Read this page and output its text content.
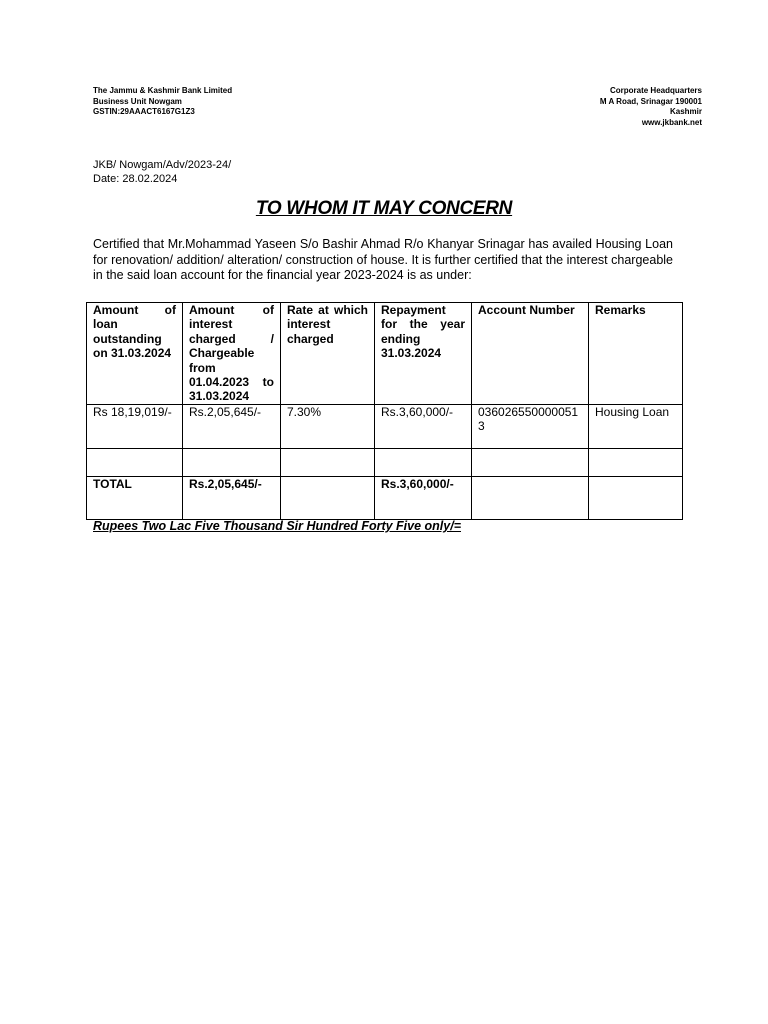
The Jammu & Kashmir Bank Limited
Business Unit Nowgam
GSTIN:29AAACT6167G1Z3
Corporate Headquarters
M A Road, Srinagar 190001
Kashmir
www.jkbank.net
JKB/ Nowgam/Adv/2023-24/
Date: 28.02.2024
TO WHOM IT MAY CONCERN
Certified that Mr.Mohammad Yaseen S/o Bashir Ahmad R/o Khanyar Srinagar has availed Housing Loan for renovation/ addition/ alteration/ construction of house. It is further certified that the interest chargeable in the said loan account for the financial year 2023-2024 is as under:
Amount of loan outstanding on 31.03.2024	Amount of interest charged / Chargeable from 01.04.2023 to 31.03.2024	Rate at which interest charged	Repayment for the year ending 31.03.2024	Account Number	Remarks
Rs 18,19,019/-	Rs.2,05,645/-	7.30%	Rs.3,60,000/-	0360265500000513	Housing Loan

TOTAL	Rs.2,05,645/-		Rs.3,60,000/-		
Rupees Two Lac Five Thousand Sir Hundred Forty Five only/=
